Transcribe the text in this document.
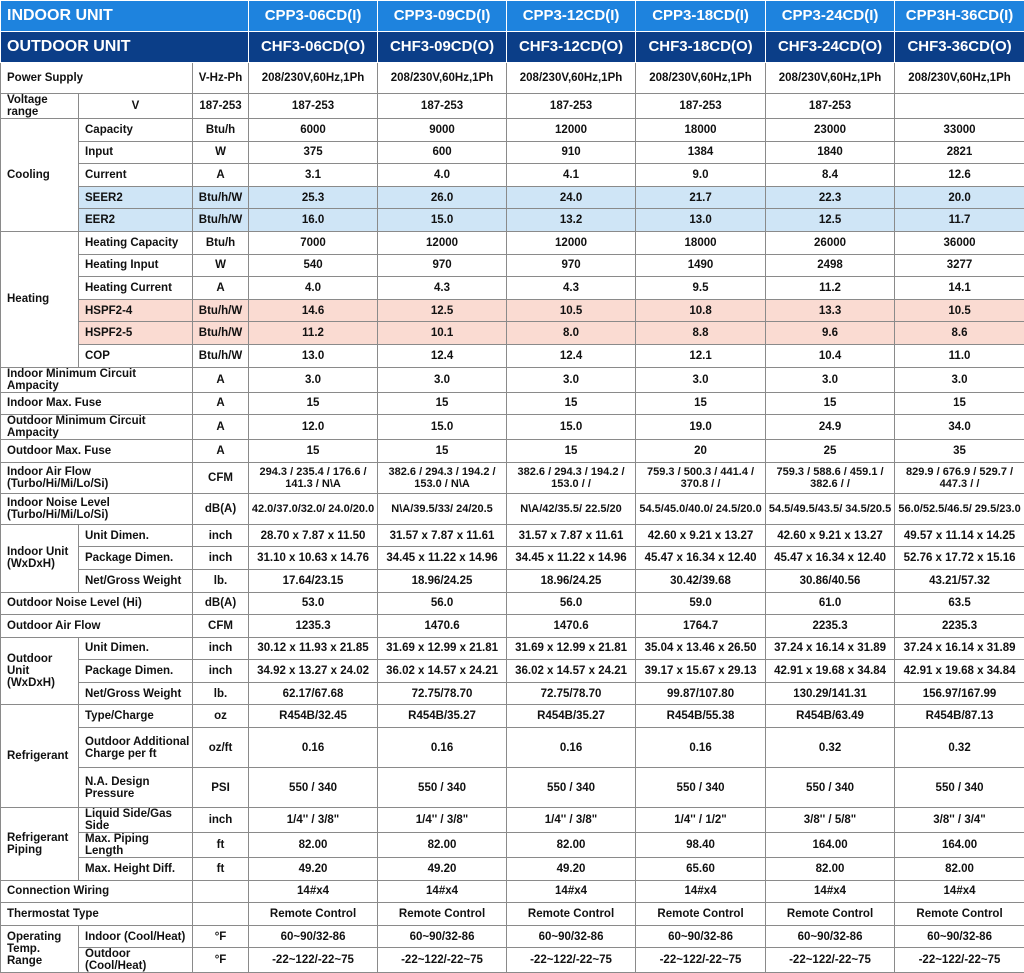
INDOOR UNIT			CPP3-06CD(I)	CPP3-09CD(I)	CPP3-12CD(I)	CPP3-18CD(I)	CPP3-24CD(I)	CPP3H-36CD(I)
OUTDOOR UNIT			CHF3-06CD(O)	CHF3-09CD(O)	CHF3-12CD(O)	CHF3-18CD(O)	CHF3-24CD(O)	CHF3-36CD(O)
Power Supply		V-Hz-Ph	208/230V,60Hz,1Ph	208/230V,60Hz,1Ph	208/230V,60Hz,1Ph	208/230V,60Hz,1Ph	208/230V,60Hz,1Ph	208/230V,60Hz,1Ph
Voltage range	V	187-253	187-253	187-253	187-253	187-253	187-253	
Cooling	Capacity	Btu/h	6000	9000	12000	18000	23000	33000
	Input	W	375	600	910	1384	1840	2821
	Current	A	3.1	4.0	4.1	9.0	8.4	12.6
	SEER2	Btu/h/W	25.3	26.0	24.0	21.7	22.3	20.0
	EER2	Btu/h/W	16.0	15.0	13.2	13.0	12.5	11.7
Heating	Heating Capacity	Btu/h	7000	12000	12000	18000	26000	36000
	Heating Input	W	540	970	970	1490	2498	3277
	Heating Current	A	4.0	4.3	4.3	9.5	11.2	14.1
	HSPF2-4	Btu/h/W	14.6	12.5	10.5	10.8	13.3	10.5
	HSPF2-5	Btu/h/W	11.2	10.1	8.0	8.8	9.6	8.6
	COP	Btu/h/W	13.0	12.4	12.4	12.1	10.4	11.0
Indoor Minimum Circuit Ampacity		A	3.0	3.0	3.0	3.0	3.0	3.0
Indoor Max. Fuse		A	15	15	15	15	15	15
Outdoor Minimum Circuit Ampacity		A	12.0	15.0	15.0	19.0	24.9	34.0
Outdoor Max. Fuse		A	15	15	15	20	25	35
Indoor Air Flow (Turbo/Hi/Mi/Lo/Si)		CFM	294.3 / 235.4 / 176.6 / 141.3 / N\A	382.6 / 294.3 / 194.2 / 153.0 / N\A	382.6 / 294.3 / 194.2 / 153.0 / /	759.3 / 500.3 / 441.4 / 370.8 / /	759.3 / 588.6 / 459.1 / 382.6 / /	829.9 / 676.9 / 529.7 / 447.3 / /
Indoor Noise Level (Turbo/Hi/Mi/Lo/Si)		dB(A)	42.0/37.0/32.0/ 24.0/20.0	N\A/39.5/33/ 24/20.5	N\A/42/35.5/ 22.5/20	54.5/45.0/40.0/ 24.5/20.0	54.5/49.5/43.5/ 34.5/20.5	56.0/52.5/46.5/ 29.5/23.0
Indoor Unit (WxDxH)	Unit Dimen.	inch	28.70 x 7.87 x 11.50	31.57 x 7.87 x 11.61	31.57 x 7.87 x 11.61	42.60 x 9.21 x 13.27	42.60 x 9.21 x 13.27	49.57 x 11.14 x 14.25
	Package Dimen.	inch	31.10 x 10.63 x 14.76	34.45 x 11.22 x 14.96	34.45 x 11.22 x 14.96	45.47 x 16.34 x 12.40	45.47 x 16.34 x 12.40	52.76 x 17.72 x 15.16
	Net/Gross Weight	lb.	17.64/23.15	18.96/24.25	18.96/24.25	30.42/39.68	30.86/40.56	43.21/57.32
Outdoor Noise Level (Hi)		dB(A)	53.0	56.0	56.0	59.0	61.0	63.5
Outdoor Air Flow		CFM	1235.3	1470.6	1470.6	1764.7	2235.3	2235.3
Outdoor Unit (WxDxH)	Unit Dimen.	inch	30.12 x 11.93 x 21.85	31.69 x 12.99 x 21.81	31.69 x 12.99 x 21.81	35.04 x 13.46 x 26.50	37.24 x 16.14 x 31.89	37.24 x 16.14 x 31.89
	Package Dimen.	inch	34.92 x 13.27 x 24.02	36.02 x 14.57 x 24.21	36.02 x 14.57 x 24.21	39.17 x 15.67 x 29.13	42.91 x 19.68 x 34.84	42.91 x 19.68 x 34.84
	Net/Gross Weight	lb.	62.17/67.68	72.75/78.70	72.75/78.70	99.87/107.80	130.29/141.31	156.97/167.99
Refrigerant	Type/Charge	oz	R454B/32.45	R454B/35.27	R454B/35.27	R454B/55.38	R454B/63.49	R454B/87.13
	Outdoor Additional Charge per ft	oz/ft	0.16	0.16	0.16	0.16	0.32	0.32
	N.A. Design Pressure	PSI	550 / 340	550 / 340	550 / 340	550 / 340	550 / 340	550 / 340
Refrigerant Piping	Liquid Side/Gas Side	inch	1/4'' / 3/8"	1/4'' / 3/8"	1/4'' / 3/8"	1/4'' / 1/2"	3/8'' / 5/8"	3/8'' / 3/4"
	Max. Piping Length	ft	82.00	82.00	82.00	98.40	164.00	164.00
	Max. Height Diff.	ft	49.20	49.20	49.20	65.60	82.00	82.00
Connection Wiring			14#x4	14#x4	14#x4	14#x4	14#x4	14#x4
Thermostat Type			Remote Control	Remote Control	Remote Control	Remote Control	Remote Control	Remote Control
Operating Temp. Range	Indoor (Cool/Heat)	°F	60~90/32-86	60~90/32-86	60~90/32-86	60~90/32-86	60~90/32-86	60~90/32-86
	Outdoor (Cool/Heat)	°F	-22~122/-22~75	-22~122/-22~75	-22~122/-22~75	-22~122/-22~75	-22~122/-22~75	-22~122/-22~75
